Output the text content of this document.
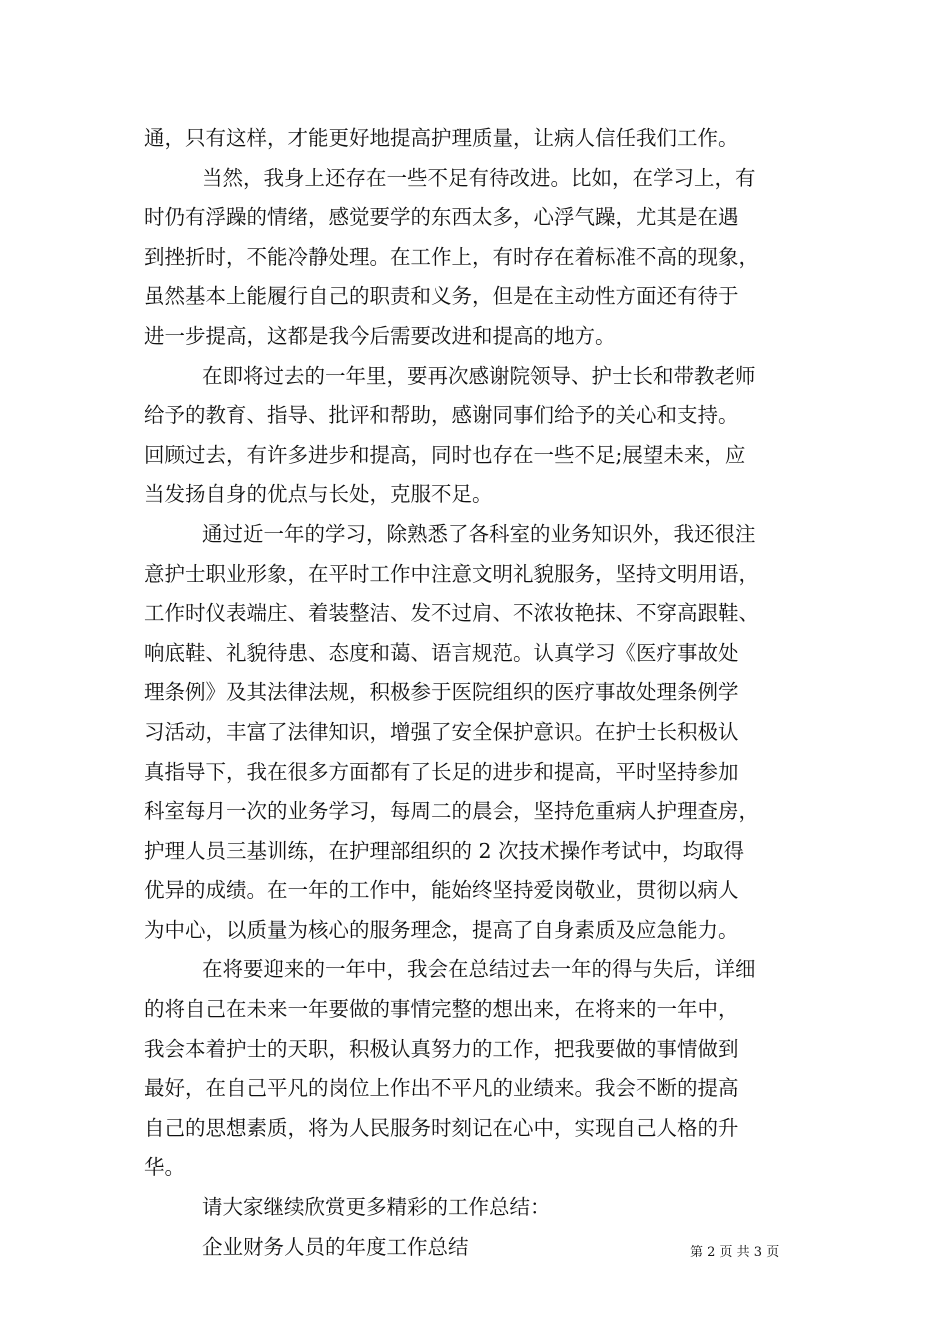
通，只有这样，才能更好地提高护理质量，让病人信任我们工作。
当然，我身上还存在一些不足有待改进。比如，在学习上，有
时仍有浮躁的情绪，感觉要学的东西太多，心浮气躁，尤其是在遇
到挫折时，不能冷静处理。在工作上，有时存在着标准不高的现象，
虽然基本上能履行自己的职责和义务，但是在主动性方面还有待于
进一步提高，这都是我今后需要改进和提高的地方。
在即将过去的一年里，要再次感谢院领导、护士长和带教老师
给予的教育、指导、批评和帮助，感谢同事们给予的关心和支持。
回顾过去，有许多进步和提高，同时也存在一些不足;展望未来，应
当发扬自身的优点与长处，克服不足。
通过近一年的学习，除熟悉了各科室的业务知识外，我还很注
意护士职业形象，在平时工作中注意文明礼貌服务，坚持文明用语，
工作时仪表端庄、着装整洁、发不过肩、不浓妆艳抹、不穿高跟鞋、
响底鞋、礼貌待患、态度和蔼、语言规范。认真学习《医疗事故处
理条例》及其法律法规，积极参于医院组织的医疗事故处理条例学
习活动，丰富了法律知识，增强了安全保护意识。在护士长积极认
真指导下，我在很多方面都有了长足的进步和提高，平时坚持参加
科室每月一次的业务学习，每周二的晨会，坚持危重病人护理查房，
护理人员三基训练，在护理部组织的 2 次技术操作考试中，均取得
优异的成绩。在一年的工作中，能始终坚持爱岗敬业，贯彻以病人
为中心，以质量为核心的服务理念，提高了自身素质及应急能力。
在将要迎来的一年中，我会在总结过去一年的得与失后，详细
的将自己在未来一年要做的事情完整的想出来，在将来的一年中，
我会本着护士的天职，积极认真努力的工作，把我要做的事情做到
最好，在自己平凡的岗位上作出不平凡的业绩来。我会不断的提高
自己的思想素质，将为人民服务时刻记在心中，实现自己人格的升
华。
请大家继续欣赏更多精彩的工作总结：
企业财务人员的年度工作总结	第 2 页 共 3 页
